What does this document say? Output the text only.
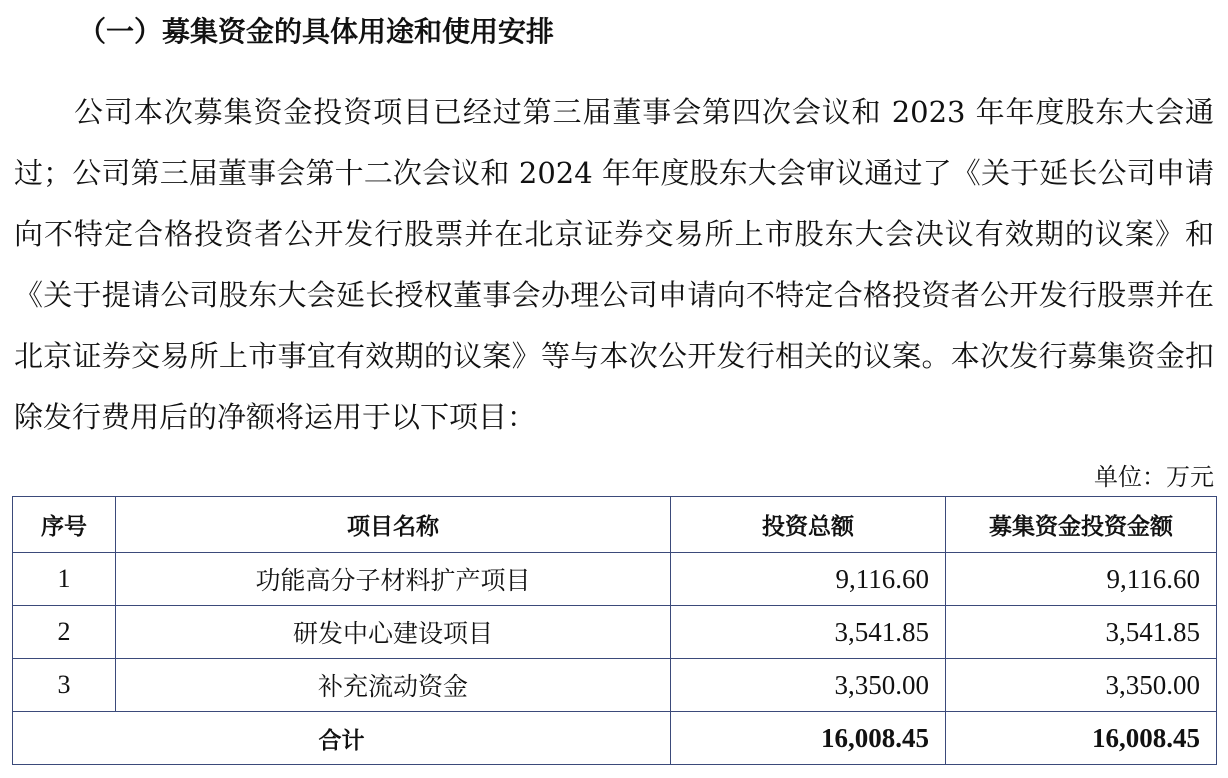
（一）募集资金的具体用途和使用安排

公司本次募集资金投资项目已经过第三届董事会第四次会议和 2023 年年度股东大会通过；公司第三届董事会第十二次会议和 2024 年年度股东大会审议通过了《关于延长公司申请向不特定合格投资者公开发行股票并在北京证券交易所上市股东大会决议有效期的议案》和《关于提请公司股东大会延长授权董事会办理公司申请向不特定合格投资者公开发行股票并在北京证券交易所上市事宜有效期的议案》等与本次公开发行相关的议案。本次发行募集资金扣除发行费用后的净额将运用于以下项目：

单位：万元
序号	项目名称	投资总额	募集资金投资金额
1	功能高分子材料扩产项目	9,116.60	9,116.60
2	研发中心建设项目	3,541.85	3,541.85
3	补充流动资金	3,350.00	3,350.00
合计		16,008.45	16,008.45
